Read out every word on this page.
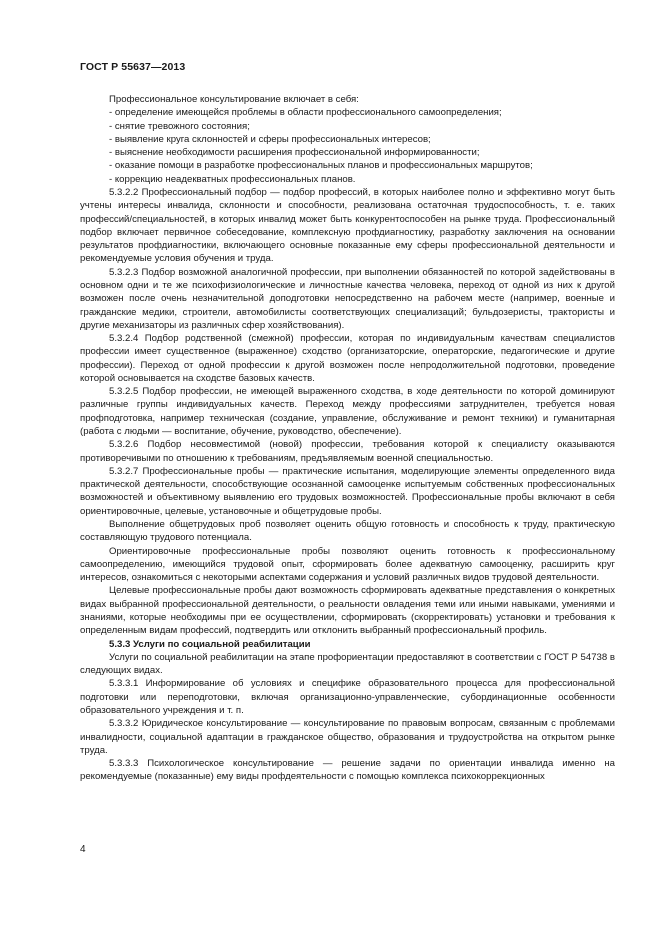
ГОСТ Р 55637—2013

Профессиональное консультирование включает в себя:

- определение имеющейся проблемы в области профессионального самоопределения;

- снятие тревожного состояния;

- выявление круга склонностей и сферы профессиональных интересов;

- выяснение необходимости расширения профессиональной информированности;

- оказание помощи в разработке профессиональных планов и профессиональных маршрутов;

- коррекцию неадекватных профессиональных планов.

5.3.2.2 Профессиональный подбор — подбор профессий, в которых наиболее полно и эффективно могут быть учтены интересы инвалида, склонности и способности, реализована остаточная трудоспособность, т. е. таких профессий/специальностей, в которых инвалид может быть конкурентоспособен на рынке труда. Профессиональный подбор включает первичное собеседование, комплексную профдиагностику, разработку заключения на основании результатов профдиагностики, включающего основные показанные ему сферы профессиональной деятельности и рекомендуемые условия обучения и труда.

5.3.2.3 Подбор возможной аналогичной профессии, при выполнении обязанностей по которой задействованы в основном одни и те же психофизиологические и личностные качества человека, переход от одной из них к другой возможен после очень незначительной доподготовки непосредственно на рабочем месте (например, военные и гражданские медики, строители, автомобилисты соответствующих специализаций; бульдозеристы, трактористы и другие механизаторы из различных сфер хозяйствования).

5.3.2.4 Подбор родственной (смежной) профессии, которая по индивидуальным качествам специалистов профессии имеет существенное (выраженное) сходство (организаторские, операторские, педагогические и другие профессии). Переход от одной профессии к другой возможен после непродолжительной подготовки, проведение которой основывается на сходстве базовых качеств.

5.3.2.5 Подбор профессии, не имеющей выраженного сходства, в ходе деятельности по которой доминируют различные группы индивидуальных качеств. Переход между профессиями затруднителен, требуется новая профподготовка, например техническая (создание, управление, обслуживание и ремонт техники) и гуманитарная (работа с людьми — воспитание, обучение, руководство, обеспечение).

5.3.2.6 Подбор несовместимой (новой) профессии, требования которой к специалисту оказываются противоречивыми по отношению к требованиям, предъявляемым военной специальностью.

5.3.2.7 Профессиональные пробы — практические испытания, моделирующие элементы определенного вида практической деятельности, способствующие осознанной самооценке испытуемым собственных профессиональных возможностей и объективному выявлению его трудовых возможностей. Профессиональные пробы включают в себя ориентировочные, целевые, установочные и общетрудовые пробы.

Выполнение общетрудовых проб позволяет оценить общую готовность и способность к труду, практическую составляющую трудового потенциала.

Ориентировочные профессиональные пробы позволяют оценить готовность к профессиональному самоопределению, имеющийся трудовой опыт, сформировать более адекватную самооценку, расширить круг интересов, ознакомиться с некоторыми аспектами содержания и условий различных видов трудовой деятельности.

Целевые профессиональные пробы дают возможность сформировать адекватные представления о конкретных видах выбранной профессиональной деятельности, о реальности овладения теми или иными навыками, умениями и знаниями, которые необходимы при ее осуществлении, сформировать (скорректировать) установки и требования к определенным видам профессий, подтвердить или отклонить выбранный профессиональный профиль.

5.3.3 Услуги по социальной реабилитации

Услуги по социальной реабилитации на этапе профориентации предоставляют в соответствии с ГОСТ Р 54738 в следующих видах.

5.3.3.1 Информирование об условиях и специфике образовательного процесса для профессиональной подготовки или переподготовки, включая организационно-управленческие, субординационные особенности образовательного учреждения и т. п.

5.3.3.2 Юридическое консультирование — консультирование по правовым вопросам, связанным с проблемами инвалидности, социальной адаптации в гражданское общество, образования и трудоустройства на открытом рынке труда.

5.3.3.3 Психологическое консультирование — решение задачи по ориентации инвалида именно на рекомендуемые (показанные) ему виды профдеятельности с помощью комплекса психокоррекционных

4
